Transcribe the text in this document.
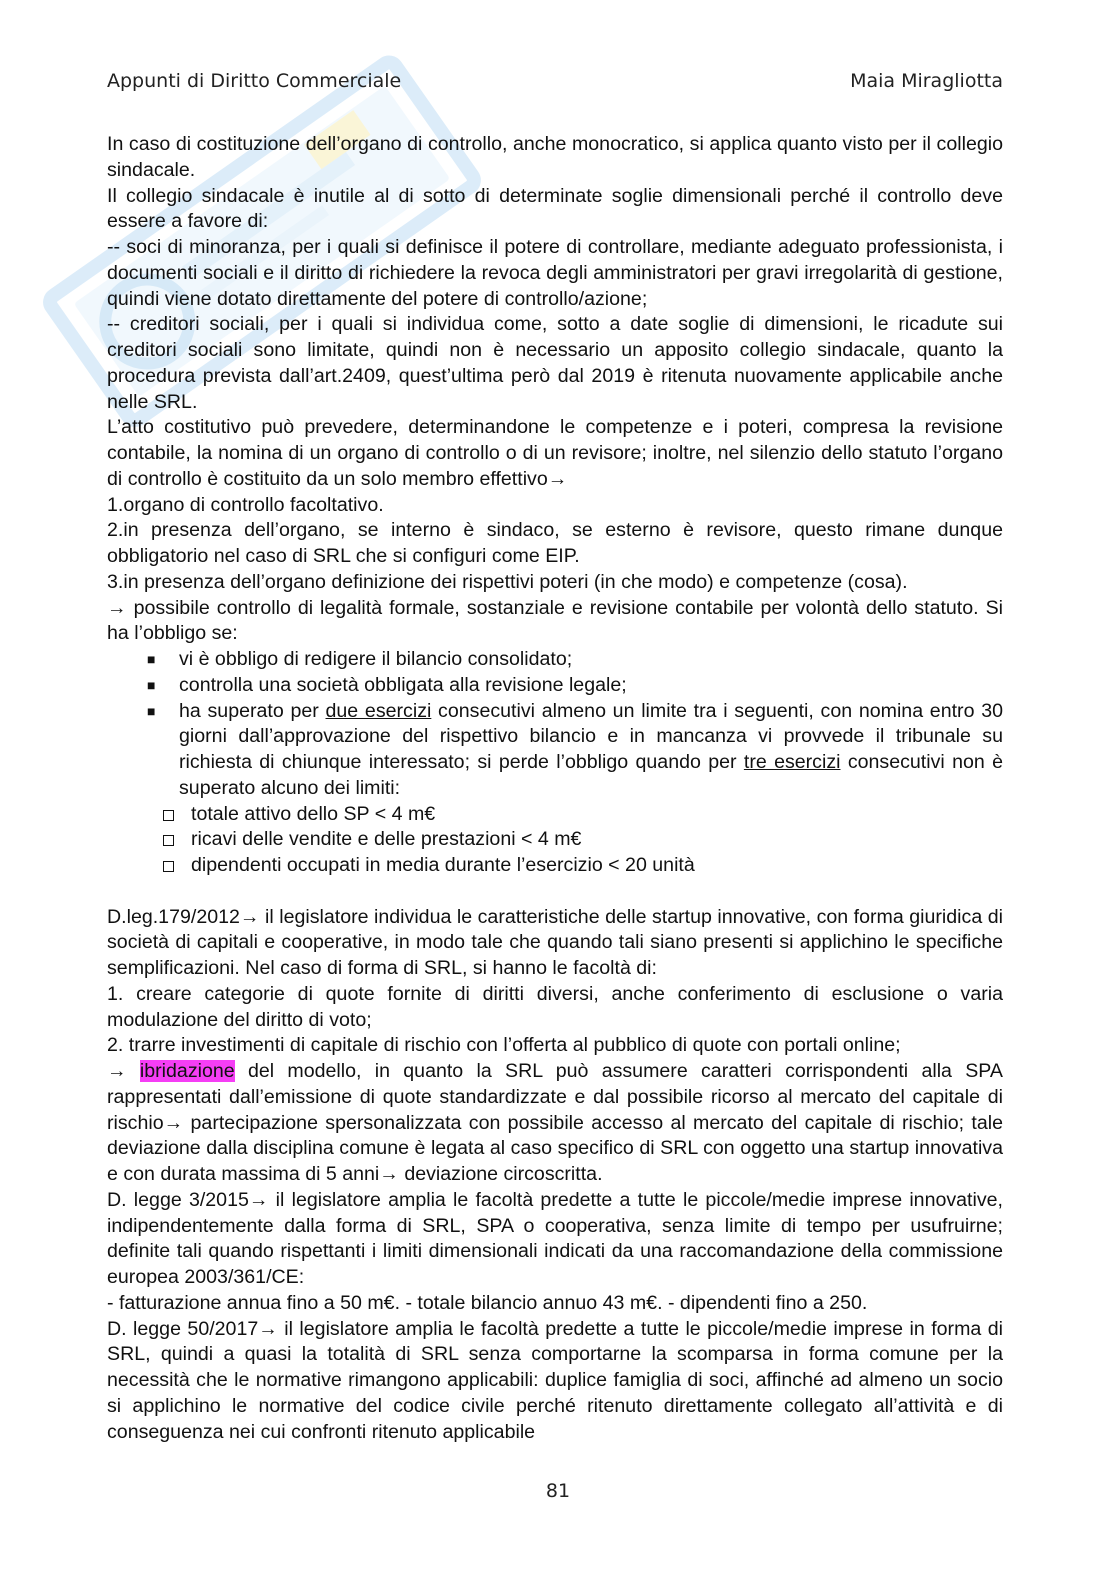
Appunti di Diritto Commerciale	Maia Miragliotta

In caso di costituzione dell’organo di controllo, anche monocratico, si applica quanto visto per il collegio sindacale.

Il collegio sindacale è inutile al di sotto di determinate soglie dimensionali perché il controllo deve essere a favore di:

-- soci di minoranza, per i quali si definisce il potere di controllare, mediante adeguato professionista, i documenti sociali e il diritto di richiedere la revoca degli amministratori per gravi irregolarità di gestione, quindi viene dotato direttamente del potere di controllo/azione;

-- creditori sociali, per i quali si individua come, sotto a date soglie di dimensioni, le ricadute sui creditori sociali sono limitate, quindi non è necessario un apposito collegio sindacale, quanto la procedura prevista dall’art.2409, quest’ultima però dal 2019 è ritenuta nuovamente applicabile anche nelle SRL.

L’atto costitutivo può prevedere, determinandone le competenze e i poteri, compresa la revisione contabile, la nomina di un organo di controllo o di un revisore; inoltre, nel silenzio dello statuto l’organo di controllo è costituito da un solo membro effettivo→

1.organo di controllo facoltativo.

2.in presenza dell’organo, se interno è sindaco, se esterno è revisore, questo rimane dunque obbligatorio nel caso di SRL che si configuri come EIP.

3.in presenza dell’organo definizione dei rispettivi poteri (in che modo) e competenze (cosa).

→ possibile controllo di legalità formale, sostanziale e revisione contabile per volontà dello statuto. Si ha l’obbligo se:

■ vi è obbligo di redigere il bilancio consolidato;

■ controlla una società obbligata alla revisione legale;

■ ha superato per due esercizi consecutivi almeno un limite tra i seguenti, con nomina entro 30 giorni dall’approvazione del rispettivo bilancio e in mancanza vi provvede il tribunale su richiesta di chiunque interessato; si perde l’obbligo quando per tre esercizi consecutivi non è superato alcuno dei limiti:

totale attivo dello SP < 4 m€

ricavi delle vendite e delle prestazioni < 4 m€

dipendenti occupati in media durante l’esercizio < 20 unità

D.leg.179/2012→ il legislatore individua le caratteristiche delle startup innovative, con forma giuridica di società di capitali e cooperative, in modo tale che quando tali siano presenti si applichino le specifiche semplificazioni. Nel caso di forma di SRL, si hanno le facoltà di:

1. creare categorie di quote fornite di diritti diversi, anche conferimento di esclusione o varia modulazione del diritto di voto;

2. trarre investimenti di capitale di rischio con l’offerta al pubblico di quote con portali online;

→ ibridazione del modello, in quanto la SRL può assumere caratteri corrispondenti alla SPA rappresentati dall’emissione di quote standardizzate e dal possibile ricorso al mercato del capitale di rischio→ partecipazione spersonalizzata con possibile accesso al mercato del capitale di rischio; tale deviazione dalla disciplina comune è legata al caso specifico di SRL con oggetto una startup innovativa e con durata massima di 5 anni→ deviazione circoscritta.

D. legge 3/2015→ il legislatore amplia le facoltà predette a tutte le piccole/medie imprese innovative, indipendentemente dalla forma di SRL, SPA o cooperativa, senza limite di tempo per usufruirne; definite tali quando rispettanti i limiti dimensionali indicati da una raccomandazione della commissione europea 2003/361/CE:

- fatturazione annua fino a 50 m€. - totale bilancio annuo 43 m€. - dipendenti fino a 250.

D. legge 50/2017→ il legislatore amplia le facoltà predette a tutte le piccole/medie imprese in forma di SRL, quindi a quasi la totalità di SRL senza comportarne la scomparsa in forma comune per la necessità che le normative rimangono applicabili: duplice famiglia di soci, affinché ad almeno un socio si applichino le normative del codice civile perché ritenuto direttamente collegato all’attività e di conseguenza nei cui confronti ritenuto applicabile

81
